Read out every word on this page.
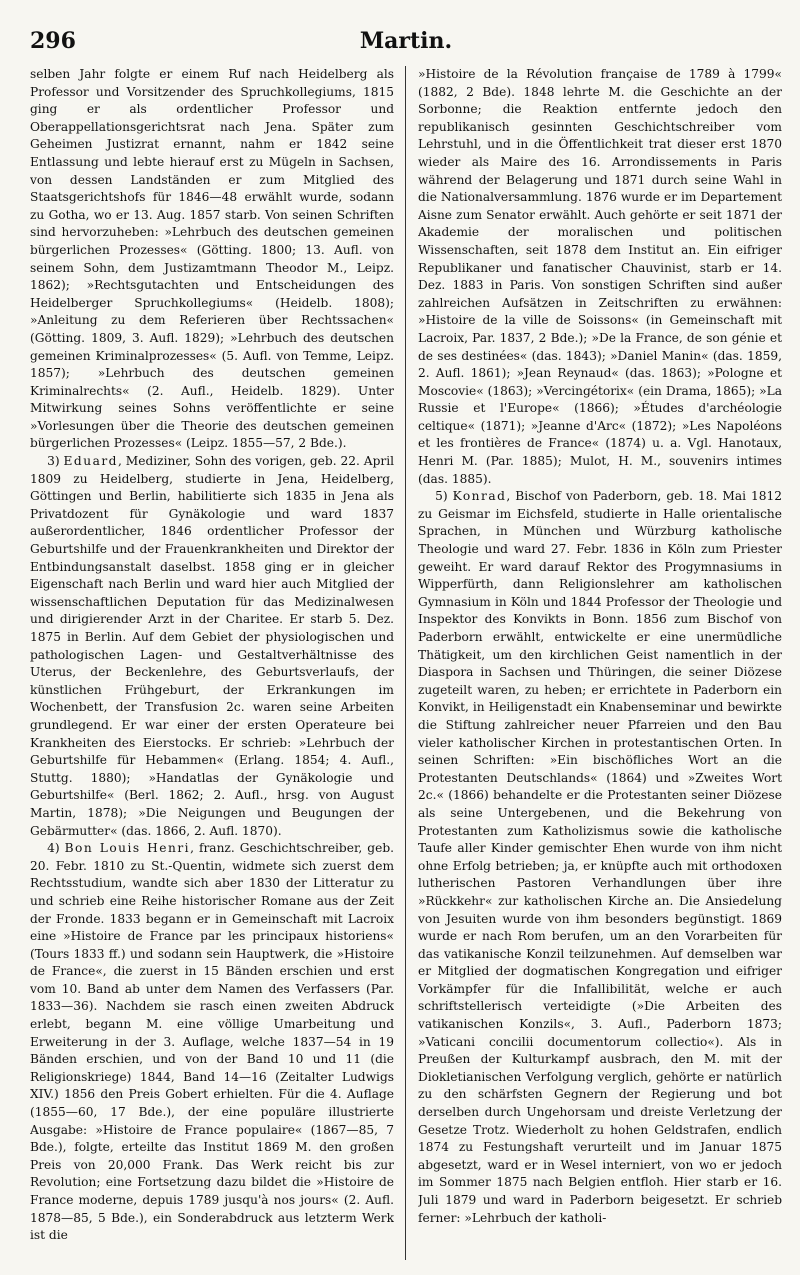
296	Martin.

selben Jahr folgte er einem Ruf nach Heidelberg als Professor und Vorsitzender des Spruchkollegiums, 1815 ging er als ordentlicher Professor und Oberappellationsgerichtsrat nach Jena. Später zum Geheimen Justizrat ernannt, nahm er 1842 seine Entlassung und lebte hierauf erst zu Mügeln in Sachsen, von dessen Landständen er zum Mitglied des Staatsgerichtshofs für 1846—48 erwählt wurde, sodann zu Gotha, wo er 13. Aug. 1857 starb. Von seinen Schriften sind hervorzuheben: »Lehrbuch des deutschen gemeinen bürgerlichen Prozesses« (Götting. 1800; 13. Aufl. von seinem Sohn, dem Justizamtmann Theodor M., Leipz. 1862); »Rechtsgutachten und Entscheidungen des Heidelberger Spruchkollegiums« (Heidelb. 1808); »Anleitung zu dem Referieren über Rechtssachen« (Götting. 1809, 3. Aufl. 1829); »Lehrbuch des deutschen gemeinen Kriminalprozesses« (5. Aufl. von Temme, Leipz. 1857); »Lehrbuch des deutschen gemeinen Kriminalrechts« (2. Aufl., Heidelb. 1829). Unter Mitwirkung seines Sohns veröffentlichte er seine »Vorlesungen über die Theorie des deutschen gemeinen bürgerlichen Prozesses« (Leipz. 1855—57, 2 Bde.).

3) Eduard, Mediziner, Sohn des vorigen, geb. 22. April 1809 zu Heidelberg, studierte in Jena, Heidelberg, Göttingen und Berlin, habilitierte sich 1835 in Jena als Privatdozent für Gynäkologie und ward 1837 außerordentlicher, 1846 ordentlicher Professor der Geburtshilfe und der Frauenkrankheiten und Direktor der Entbindungsanstalt daselbst. 1858 ging er in gleicher Eigenschaft nach Berlin und ward hier auch Mitglied der wissenschaftlichen Deputation für das Medizinalwesen und dirigierender Arzt in der Charitee. Er starb 5. Dez. 1875 in Berlin. Auf dem Gebiet der physiologischen und pathologischen Lagen- und Gestaltverhältnisse des Uterus, der Beckenlehre, des Geburtsverlaufs, der künstlichen Frühgeburt, der Erkrankungen im Wochenbett, der Transfusion 2c. waren seine Arbeiten grundlegend. Er war einer der ersten Operateure bei Krankheiten des Eierstocks. Er schrieb: »Lehrbuch der Geburtshilfe für Hebammen« (Erlang. 1854; 4. Aufl., Stuttg. 1880); »Handatlas der Gynäkologie und Geburtshilfe« (Berl. 1862; 2. Aufl., hrsg. von August Martin, 1878); »Die Neigungen und Beugungen der Gebärmutter« (das. 1866, 2. Aufl. 1870).

4) Bon Louis Henri, franz. Geschichtschreiber, geb. 20. Febr. 1810 zu St.-Quentin, widmete sich zuerst dem Rechtsstudium, wandte sich aber 1830 der Litteratur zu und schrieb eine Reihe historischer Romane aus der Zeit der Fronde. 1833 begann er in Gemeinschaft mit Lacroix eine »Histoire de France par les principaux historiens« (Tours 1833 ff.) und sodann sein Hauptwerk, die »Histoire de France«, die zuerst in 15 Bänden erschien und erst vom 10. Band ab unter dem Namen des Verfassers (Par. 1833—36). Nachdem sie rasch einen zweiten Abdruck erlebt, begann M. eine völlige Umarbeitung und Erweiterung in der 3. Auflage, welche 1837—54 in 19 Bänden erschien, und von der Band 10 und 11 (die Religionskriege) 1844, Band 14—16 (Zeitalter Ludwigs XIV.) 1856 den Preis Gobert erhielten. Für die 4. Auflage (1855—60, 17 Bde.), der eine populäre illustrierte Ausgabe: »Histoire de France populaire« (1867—85, 7 Bde.), folgte, erteilte das Institut 1869 M. den großen Preis von 20,000 Frank. Das Werk reicht bis zur Revolution; eine Fortsetzung dazu bildet die »Histoire de France moderne, depuis 1789 jusqu'à nos jours« (2. Aufl. 1878—85, 5 Bde.), ein Sonderabdruck aus letzterm Werk ist die

»Histoire de la Révolution française de 1789 à 1799« (1882, 2 Bde). 1848 lehrte M. die Geschichte an der Sorbonne; die Reaktion entfernte jedoch den republikanisch gesinnten Geschichtschreiber vom Lehrstuhl, und in die Öffentlichkeit trat dieser erst 1870 wieder als Maire des 16. Arrondissements in Paris während der Belagerung und 1871 durch seine Wahl in die Nationalversammlung. 1876 wurde er im Departement Aisne zum Senator erwählt. Auch gehörte er seit 1871 der Akademie der moralischen und politischen Wissenschaften, seit 1878 dem Institut an. Ein eifriger Republikaner und fanatischer Chauvinist, starb er 14. Dez. 1883 in Paris. Von sonstigen Schriften sind außer zahlreichen Aufsätzen in Zeitschriften zu erwähnen: »Histoire de la ville de Soissons« (in Gemeinschaft mit Lacroix, Par. 1837, 2 Bde.); »De la France, de son génie et de ses destinées« (das. 1843); »Daniel Manin« (das. 1859, 2. Aufl. 1861); »Jean Reynaud« (das. 1863); »Pologne et Moscovie« (1863); »Vercingétorix« (ein Drama, 1865); »La Russie et l'Europe« (1866); »Études d'archéologie celtique« (1871); »Jeanne d'Arc« (1872); »Les Napoléons et les frontières de France« (1874) u. a. Vgl. Hanotaux, Henri M. (Par. 1885); Mulot, H. M., souvenirs intimes (das. 1885).

5) Konrad, Bischof von Paderborn, geb. 18. Mai 1812 zu Geismar im Eichsfeld, studierte in Halle orientalische Sprachen, in München und Würzburg katholische Theologie und ward 27. Febr. 1836 in Köln zum Priester geweiht. Er ward darauf Rektor des Progymnasiums in Wipperfürth, dann Religionslehrer am katholischen Gymnasium in Köln und 1844 Professor der Theologie und Inspektor des Konvikts in Bonn. 1856 zum Bischof von Paderborn erwählt, entwickelte er eine unermüdliche Thätigkeit, um den kirchlichen Geist namentlich in der Diaspora in Sachsen und Thüringen, die seiner Diözese zugeteilt waren, zu heben; er errichtete in Paderborn ein Konvikt, in Heiligenstadt ein Knabenseminar und bewirkte die Stiftung zahlreicher neuer Pfarreien und den Bau vieler katholischer Kirchen in protestantischen Orten. In seinen Schriften: »Ein bischöfliches Wort an die Protestanten Deutschlands« (1864) und »Zweites Wort 2c.« (1866) behandelte er die Protestanten seiner Diözese als seine Untergebenen, und die Bekehrung von Protestanten zum Katholizismus sowie die katholische Taufe aller Kinder gemischter Ehen wurde von ihm nicht ohne Erfolg betrieben; ja, er knüpfte auch mit orthodoxen lutherischen Pastoren Verhandlungen über ihre »Rückkehr« zur katholischen Kirche an. Die Ansiedelung von Jesuiten wurde von ihm besonders begünstigt. 1869 wurde er nach Rom berufen, um an den Vorarbeiten für das vatikanische Konzil teilzunehmen. Auf demselben war er Mitglied der dogmatischen Kongregation und eifriger Vorkämpfer für die Infallibilität, welche er auch schriftstellerisch verteidigte (»Die Arbeiten des vatikanischen Konzils«, 3. Aufl., Paderborn 1873; »Vaticani concilii documentorum collectio«). Als in Preußen der Kulturkampf ausbrach, den M. mit der Diokletianischen Verfolgung verglich, gehörte er natürlich zu den schärfsten Gegnern der Regierung und bot derselben durch Ungehorsam und dreiste Verletzung der Gesetze Trotz. Wiederholt zu hohen Geldstrafen, endlich 1874 zu Festungshaft verurteilt und im Januar 1875 abgesetzt, ward er in Wesel interniert, von wo er jedoch im Sommer 1875 nach Belgien entfloh. Hier starb er 16. Juli 1879 und ward in Paderborn beigesetzt. Er schrieb ferner: »Lehrbuch der katholi-
